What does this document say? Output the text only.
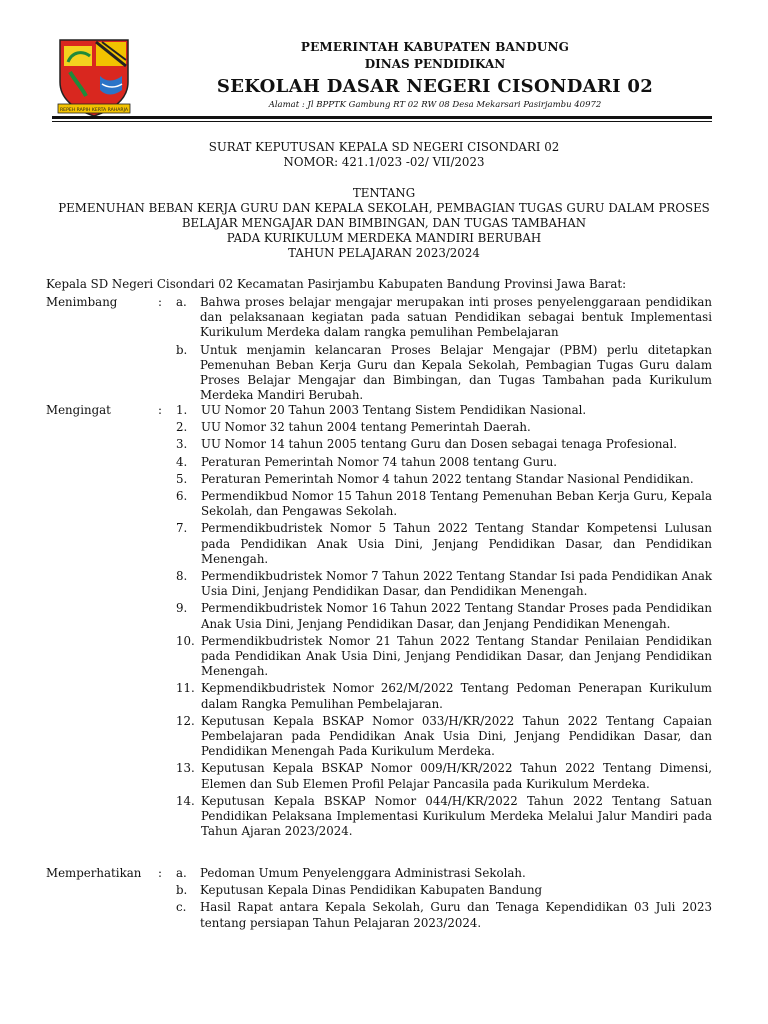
REPEH RAPIH KERTA RAHARJA
PEMERINTAH KABUPATEN BANDUNG
DINAS PENDIDIKAN
SEKOLAH DASAR NEGERI CISONDARI 02
Alamat : Jl BPPTK Gambung RT 02 RW 08 Desa Mekarsari Pasirjambu 40972
SURAT KEPUTUSAN KEPALA SD NEGERI CISONDARI 02
NOMOR: 421.1/023 -02/ VII/2023
TENTANG
PEMENUHAN BEBAN KERJA GURU DAN KEPALA SEKOLAH, PEMBAGIAN TUGAS GURU DALAM PROSES
BELAJAR MENGAJAR DAN BIMBINGAN, DAN TUGAS TAMBAHAN
PADA KURIKULUM MERDEKA MANDIRI BERUBAH
TAHUN PELAJARAN 2023/2024
Kepala SD Negeri Cisondari 02 Kecamatan Pasirjambu Kabupaten Bandung Provinsi Jawa Barat:
Menimbang	: a. Bahwa proses belajar mengajar merupakan inti proses penyelenggaraan pendidikan dan pelaksanaan kegiatan pada satuan Pendidikan sebagai bentuk Implementasi Kurikulum Merdeka dalam rangka pemulihan Pembelajaran
b. Untuk menjamin kelancaran Proses Belajar Mengajar (PBM) perlu ditetapkan Pemenuhan Beban Kerja Guru dan Kepala Sekolah, Pembagian Tugas Guru dalam Proses Belajar Mengajar dan Bimbingan, dan Tugas Tambahan pada Kurikulum Merdeka Mandiri Berubah.
Mengingat	: 1. UU Nomor 20 Tahun 2003 Tentang Sistem Pendidikan Nasional.
2. UU Nomor 32 tahun 2004 tentang Pemerintah Daerah.
3. UU Nomor 14 tahun 2005 tentang Guru dan Dosen sebagai tenaga Profesional.
4. Peraturan Pemerintah Nomor 74 tahun 2008 tentang Guru.
5. Peraturan Pemerintah Nomor 4 tahun 2022 tentang Standar Nasional Pendidikan.
6. Permendikbud Nomor 15 Tahun 2018 Tentang Pemenuhan Beban Kerja Guru, Kepala Sekolah, dan Pengawas Sekolah.
7. Permendikbudristek Nomor 5 Tahun 2022 Tentang Standar Kompetensi Lulusan pada Pendidikan Anak Usia Dini, Jenjang Pendidikan Dasar, dan Pendidikan Menengah.
8. Permendikbudristek Nomor 7 Tahun 2022 Tentang Standar Isi pada Pendidikan Anak Usia Dini, Jenjang Pendidikan Dasar, dan Pendidikan Menengah.
9. Permendikbudristek Nomor 16 Tahun 2022 Tentang Standar Proses pada Pendidikan Anak Usia Dini, Jenjang Pendidikan Dasar, dan Jenjang Pendidikan Menengah.
10. Permendikbudristek Nomor 21 Tahun 2022 Tentang Standar Penilaian Pendidikan pada Pendidikan Anak Usia Dini, Jenjang Pendidikan Dasar, dan Jenjang Pendidikan Menengah.
11. Kepmendikbudristek Nomor 262/M/2022 Tentang Pedoman Penerapan Kurikulum dalam Rangka Pemulihan Pembelajaran.
12. Keputusan Kepala BSKAP Nomor 033/H/KR/2022 Tahun 2022 Tentang Capaian Pembelajaran pada Pendidikan Anak Usia Dini, Jenjang Pendidikan Dasar, dan Pendidikan Menengah Pada Kurikulum Merdeka.
13. Keputusan Kepala BSKAP Nomor 009/H/KR/2022 Tahun 2022 Tentang Dimensi, Elemen dan Sub Elemen Profil Pelajar Pancasila pada Kurikulum Merdeka.
14. Keputusan Kepala BSKAP Nomor 044/H/KR/2022 Tahun 2022 Tentang Satuan Pendidikan Pelaksana Implementasi Kurikulum Merdeka Melalui Jalur Mandiri pada Tahun Ajaran 2023/2024.
Memperhatikan	: a. Pedoman Umum Penyelenggara Administrasi Sekolah.
b. Keputusan Kepala Dinas Pendidikan Kabupaten Bandung
c. Hasil Rapat antara Kepala Sekolah, Guru dan Tenaga Kependidikan 03 Juli 2023 tentang persiapan Tahun Pelajaran 2023/2024.
